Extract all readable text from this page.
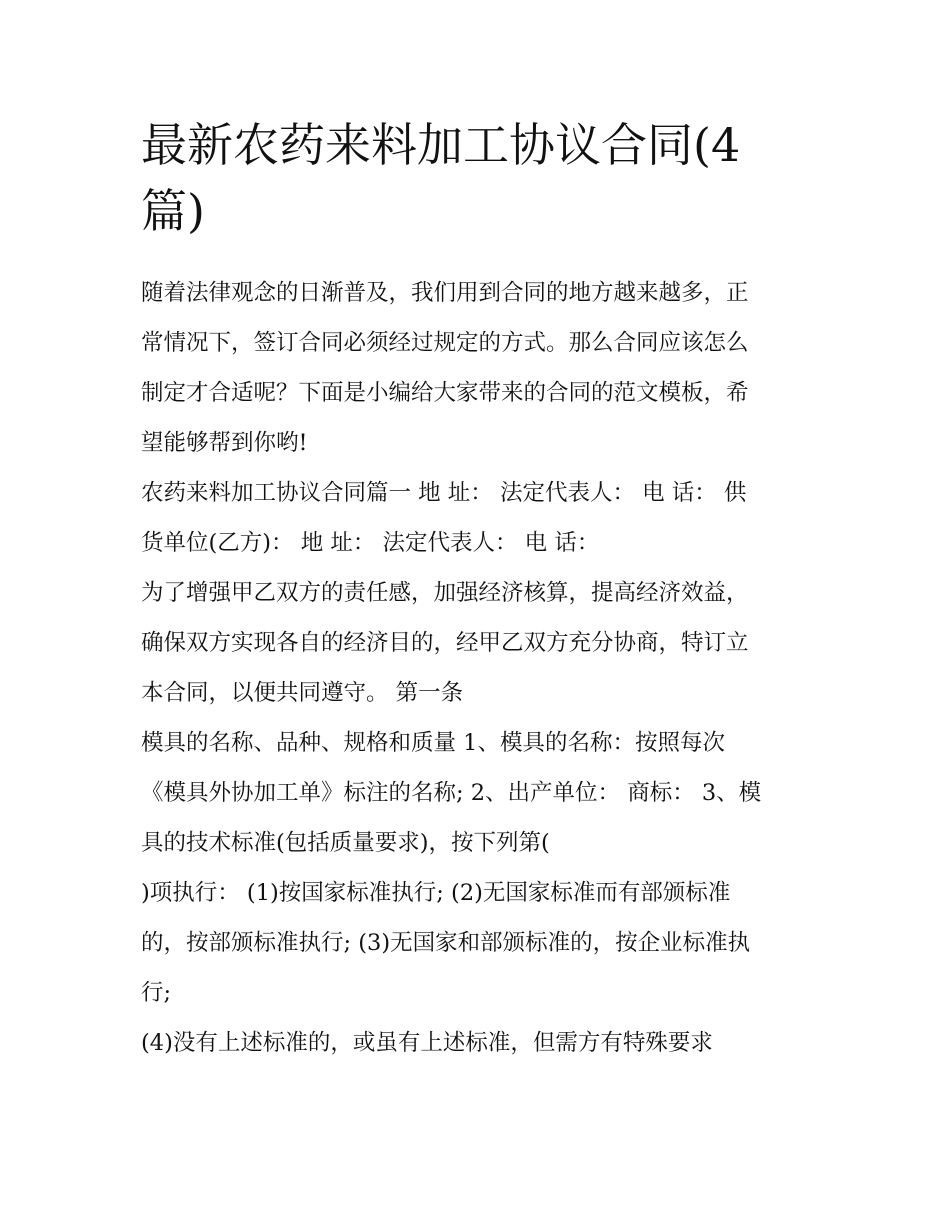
最新农药来料加工协议合同(4
篇)
随着法律观念的日渐普及，我们用到合同的地方越来越多，正
常情况下，签订合同必须经过规定的方式。那么合同应该怎么
制定才合适呢？下面是小编给大家带来的合同的范文模板，希
望能够帮到你哟!
农药来料加工协议合同篇一 地 址： 法定代表人： 电 话： 供
货单位(乙方)： 地 址： 法定代表人： 电 话：
为了增强甲乙双方的责任感，加强经济核算，提高经济效益，
确保双方实现各自的经济目的，经甲乙双方充分协商，特订立
本合同，以便共同遵守。 第一条
模具的名称、品种、规格和质量 1、模具的名称：按照每次
《模具外协加工单》标注的名称; 2、出产单位： 商标： 3、模
具的技术标准(包括质量要求)，按下列第(
)项执行： (1)按国家标准执行; (2)无国家标准而有部颁标准
的，按部颁标准执行; (3)无国家和部颁标准的，按企业标准执
行;
(4)没有上述标准的，或虽有上述标准，但需方有特殊要求
